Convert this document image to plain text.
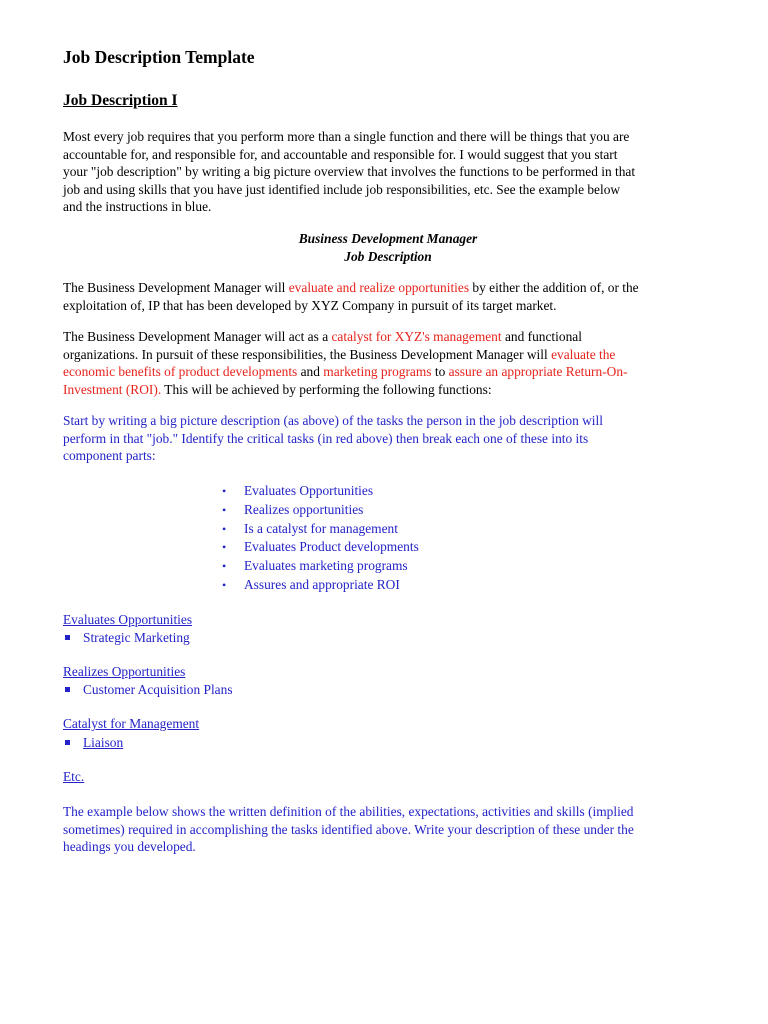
Job Description Template
Job Description I
Most every job requires that you perform more than a single function and there will be things that you are
accountable for, and responsible for, and accountable and responsible for. I would suggest that you start
your "job description" by writing a big picture overview that involves the functions to be performed in that
job and using skills that you have just identified include job responsibilities, etc. See the example below
and the instructions in blue.
Business Development Manager
Job Description
The Business Development Manager will evaluate and realize opportunities by either the addition of, or the
exploitation of, IP that has been developed by XYZ Company in pursuit of its target market.
The Business Development Manager will act as a catalyst for XYZ's management and functional
organizations. In pursuit of these responsibilities, the Business Development Manager will evaluate the
economic benefits of product developments and marketing programs to assure an appropriate Return-On-
Investment (ROI). This will be achieved by performing the following functions:
Start by writing a big picture description (as above) of the tasks the person in the job description will
perform in that "job." Identify the critical tasks (in red above) then break each one of these into its
component parts:
• Evaluates Opportunities
• Realizes opportunities
• Is a catalyst for management
• Evaluates Product developments
• Evaluates marketing programs
• Assures and appropriate ROI
Evaluates Opportunities
Strategic Marketing
Realizes Opportunities
Customer Acquisition Plans
Catalyst for Management
Liaison
Etc.
The example below shows the written definition of the abilities, expectations, activities and skills (implied
sometimes) required in accomplishing the tasks identified above. Write your description of these under the
headings you developed.
